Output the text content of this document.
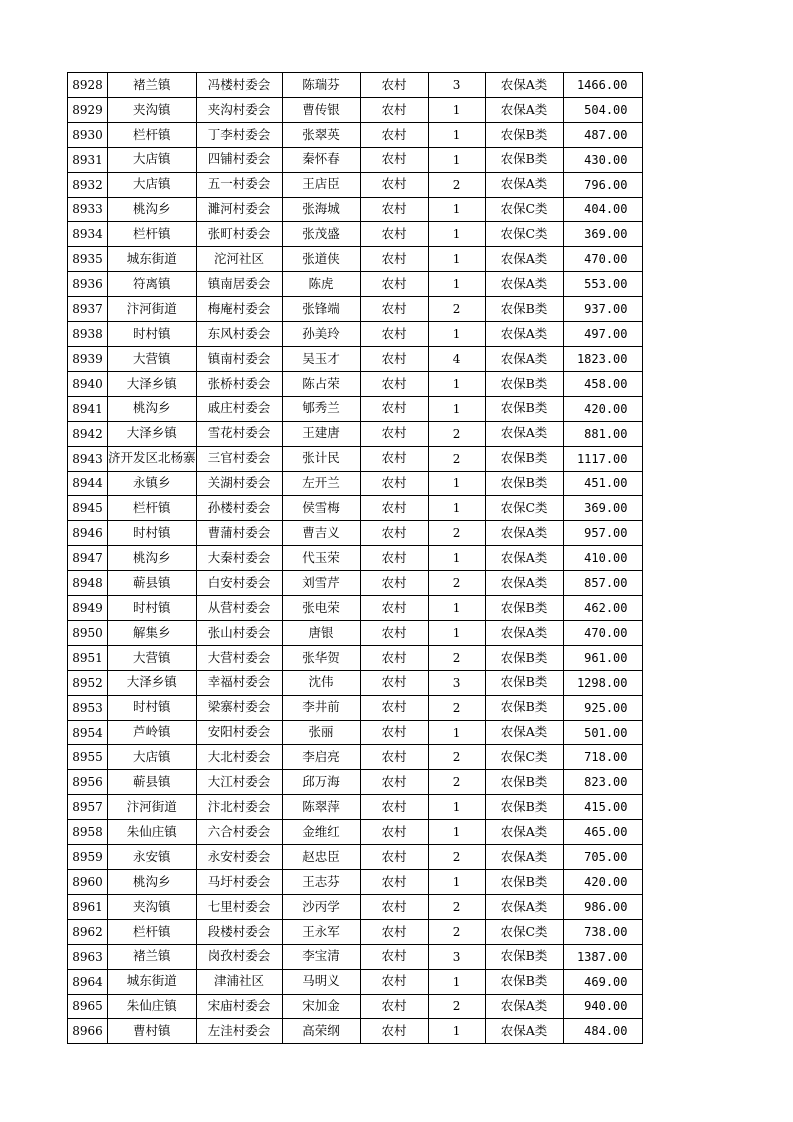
8928	褚兰镇	冯楼村委会	陈瑞芬	农村	3	农保A类	1466.00
8929	夹沟镇	夹沟村委会	曹传银	农村	1	农保A类	504.00
8930	栏杆镇	丁李村委会	张翠英	农村	1	农保B类	487.00
8931	大店镇	四铺村委会	秦怀春	农村	1	农保B类	430.00
8932	大店镇	五一村委会	王店臣	农村	2	农保A类	796.00
8933	桃沟乡	濉河村委会	张海城	农村	1	农保C类	404.00
8934	栏杆镇	张町村委会	张茂盛	农村	1	农保C类	369.00
8935	城东街道	沱河社区	张道侠	农村	1	农保A类	470.00
8936	符离镇	镇南居委会	陈虎	农村	1	农保A类	553.00
8937	汴河街道	梅庵村委会	张锋端	农村	2	农保B类	937.00
8938	时村镇	东风村委会	孙美玲	农村	1	农保A类	497.00
8939	大营镇	镇南村委会	吴玉才	农村	4	农保A类	1823.00
8940	大泽乡镇	张桥村委会	陈占荣	农村	1	农保B类	458.00
8941	桃沟乡	戚庄村委会	郇秀兰	农村	1	农保B类	420.00
8942	大泽乡镇	雪花村委会	王建唐	农村	2	农保A类	881.00
8943	济开发区北杨寨	三官村委会	张计民	农村	2	农保B类	1117.00
8944	永镇乡	关湖村委会	左开兰	农村	1	农保B类	451.00
8945	栏杆镇	孙楼村委会	侯雪梅	农村	1	农保C类	369.00
8946	时村镇	曹蒲村委会	曹吉义	农村	2	农保A类	957.00
8947	桃沟乡	大秦村委会	代玉荣	农村	1	农保A类	410.00
8948	蕲县镇	白安村委会	刘雪芹	农村	2	农保A类	857.00
8949	时村镇	从营村委会	张电荣	农村	1	农保B类	462.00
8950	解集乡	张山村委会	唐银	农村	1	农保A类	470.00
8951	大营镇	大营村委会	张华贺	农村	2	农保B类	961.00
8952	大泽乡镇	幸福村委会	沈伟	农村	3	农保B类	1298.00
8953	时村镇	梁寨村委会	李井前	农村	2	农保B类	925.00
8954	芦岭镇	安阳村委会	张丽	农村	1	农保A类	501.00
8955	大店镇	大北村委会	李启亮	农村	2	农保C类	718.00
8956	蕲县镇	大江村委会	邱万海	农村	2	农保B类	823.00
8957	汴河街道	汴北村委会	陈翠萍	农村	1	农保B类	415.00
8958	朱仙庄镇	六合村委会	金维红	农村	1	农保A类	465.00
8959	永安镇	永安村委会	赵忠臣	农村	2	农保A类	705.00
8960	桃沟乡	马圩村委会	王志芬	农村	1	农保B类	420.00
8961	夹沟镇	七里村委会	沙丙学	农村	2	农保A类	986.00
8962	栏杆镇	段楼村委会	王永军	农村	2	农保C类	738.00
8963	褚兰镇	岗孜村委会	李宝清	农村	3	农保B类	1387.00
8964	城东街道	津浦社区	马明义	农村	1	农保B类	469.00
8965	朱仙庄镇	宋庙村委会	宋加金	农村	2	农保A类	940.00
8966	曹村镇	左洼村委会	高荣纲	农村	1	农保A类	484.00
